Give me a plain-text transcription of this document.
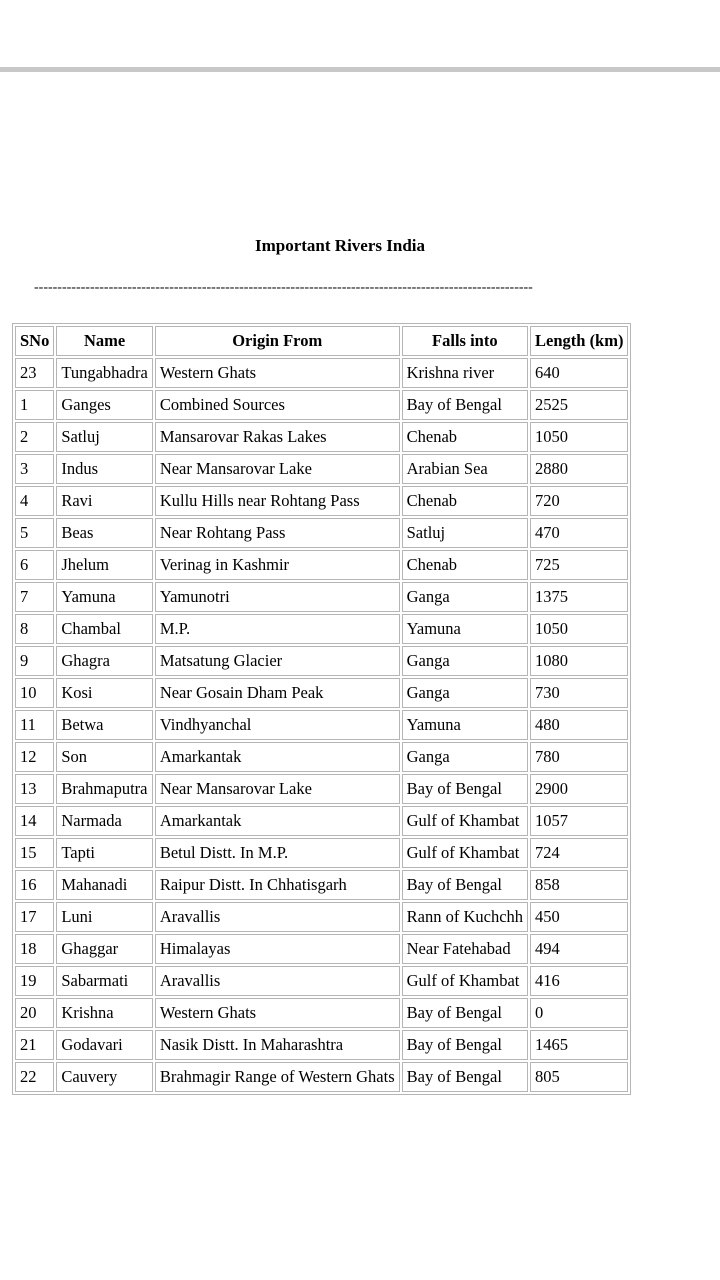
Important Rivers India
-----------------------------------------------------------------------------------------------------------
SNo	Name	Origin From	Falls into	Length (km)
23	Tungabhadra	Western Ghats	Krishna river	640
1	Ganges	Combined Sources	Bay of Bengal	2525
2	Satluj	Mansarovar Rakas Lakes	Chenab	1050
3	Indus	Near Mansarovar Lake	Arabian Sea	2880
4	Ravi	Kullu Hills near Rohtang Pass	Chenab	720
5	Beas	Near Rohtang Pass	Satluj	470
6	Jhelum	Verinag in Kashmir	Chenab	725
7	Yamuna	Yamunotri	Ganga	1375
8	Chambal	M.P.	Yamuna	1050
9	Ghagra	Matsatung Glacier	Ganga	1080
10	Kosi	Near Gosain Dham Peak	Ganga	730
11	Betwa	Vindhyanchal	Yamuna	480
12	Son	Amarkantak	Ganga	780
13	Brahmaputra	Near Mansarovar Lake	Bay of Bengal	2900
14	Narmada	Amarkantak	Gulf of Khambat	1057
15	Tapti	Betul Distt. In M.P.	Gulf of Khambat	724
16	Mahanadi	Raipur Distt. In Chhatisgarh	Bay of Bengal	858
17	Luni	Aravallis	Rann of Kuchchh	450
18	Ghaggar	Himalayas	Near Fatehabad	494
19	Sabarmati	Aravallis	Gulf of Khambat	416
20	Krishna	Western Ghats	Bay of Bengal	0
21	Godavari	Nasik Distt. In Maharashtra	Bay of Bengal	1465
22	Cauvery	Brahmagir Range of Western Ghats	Bay of Bengal	805
